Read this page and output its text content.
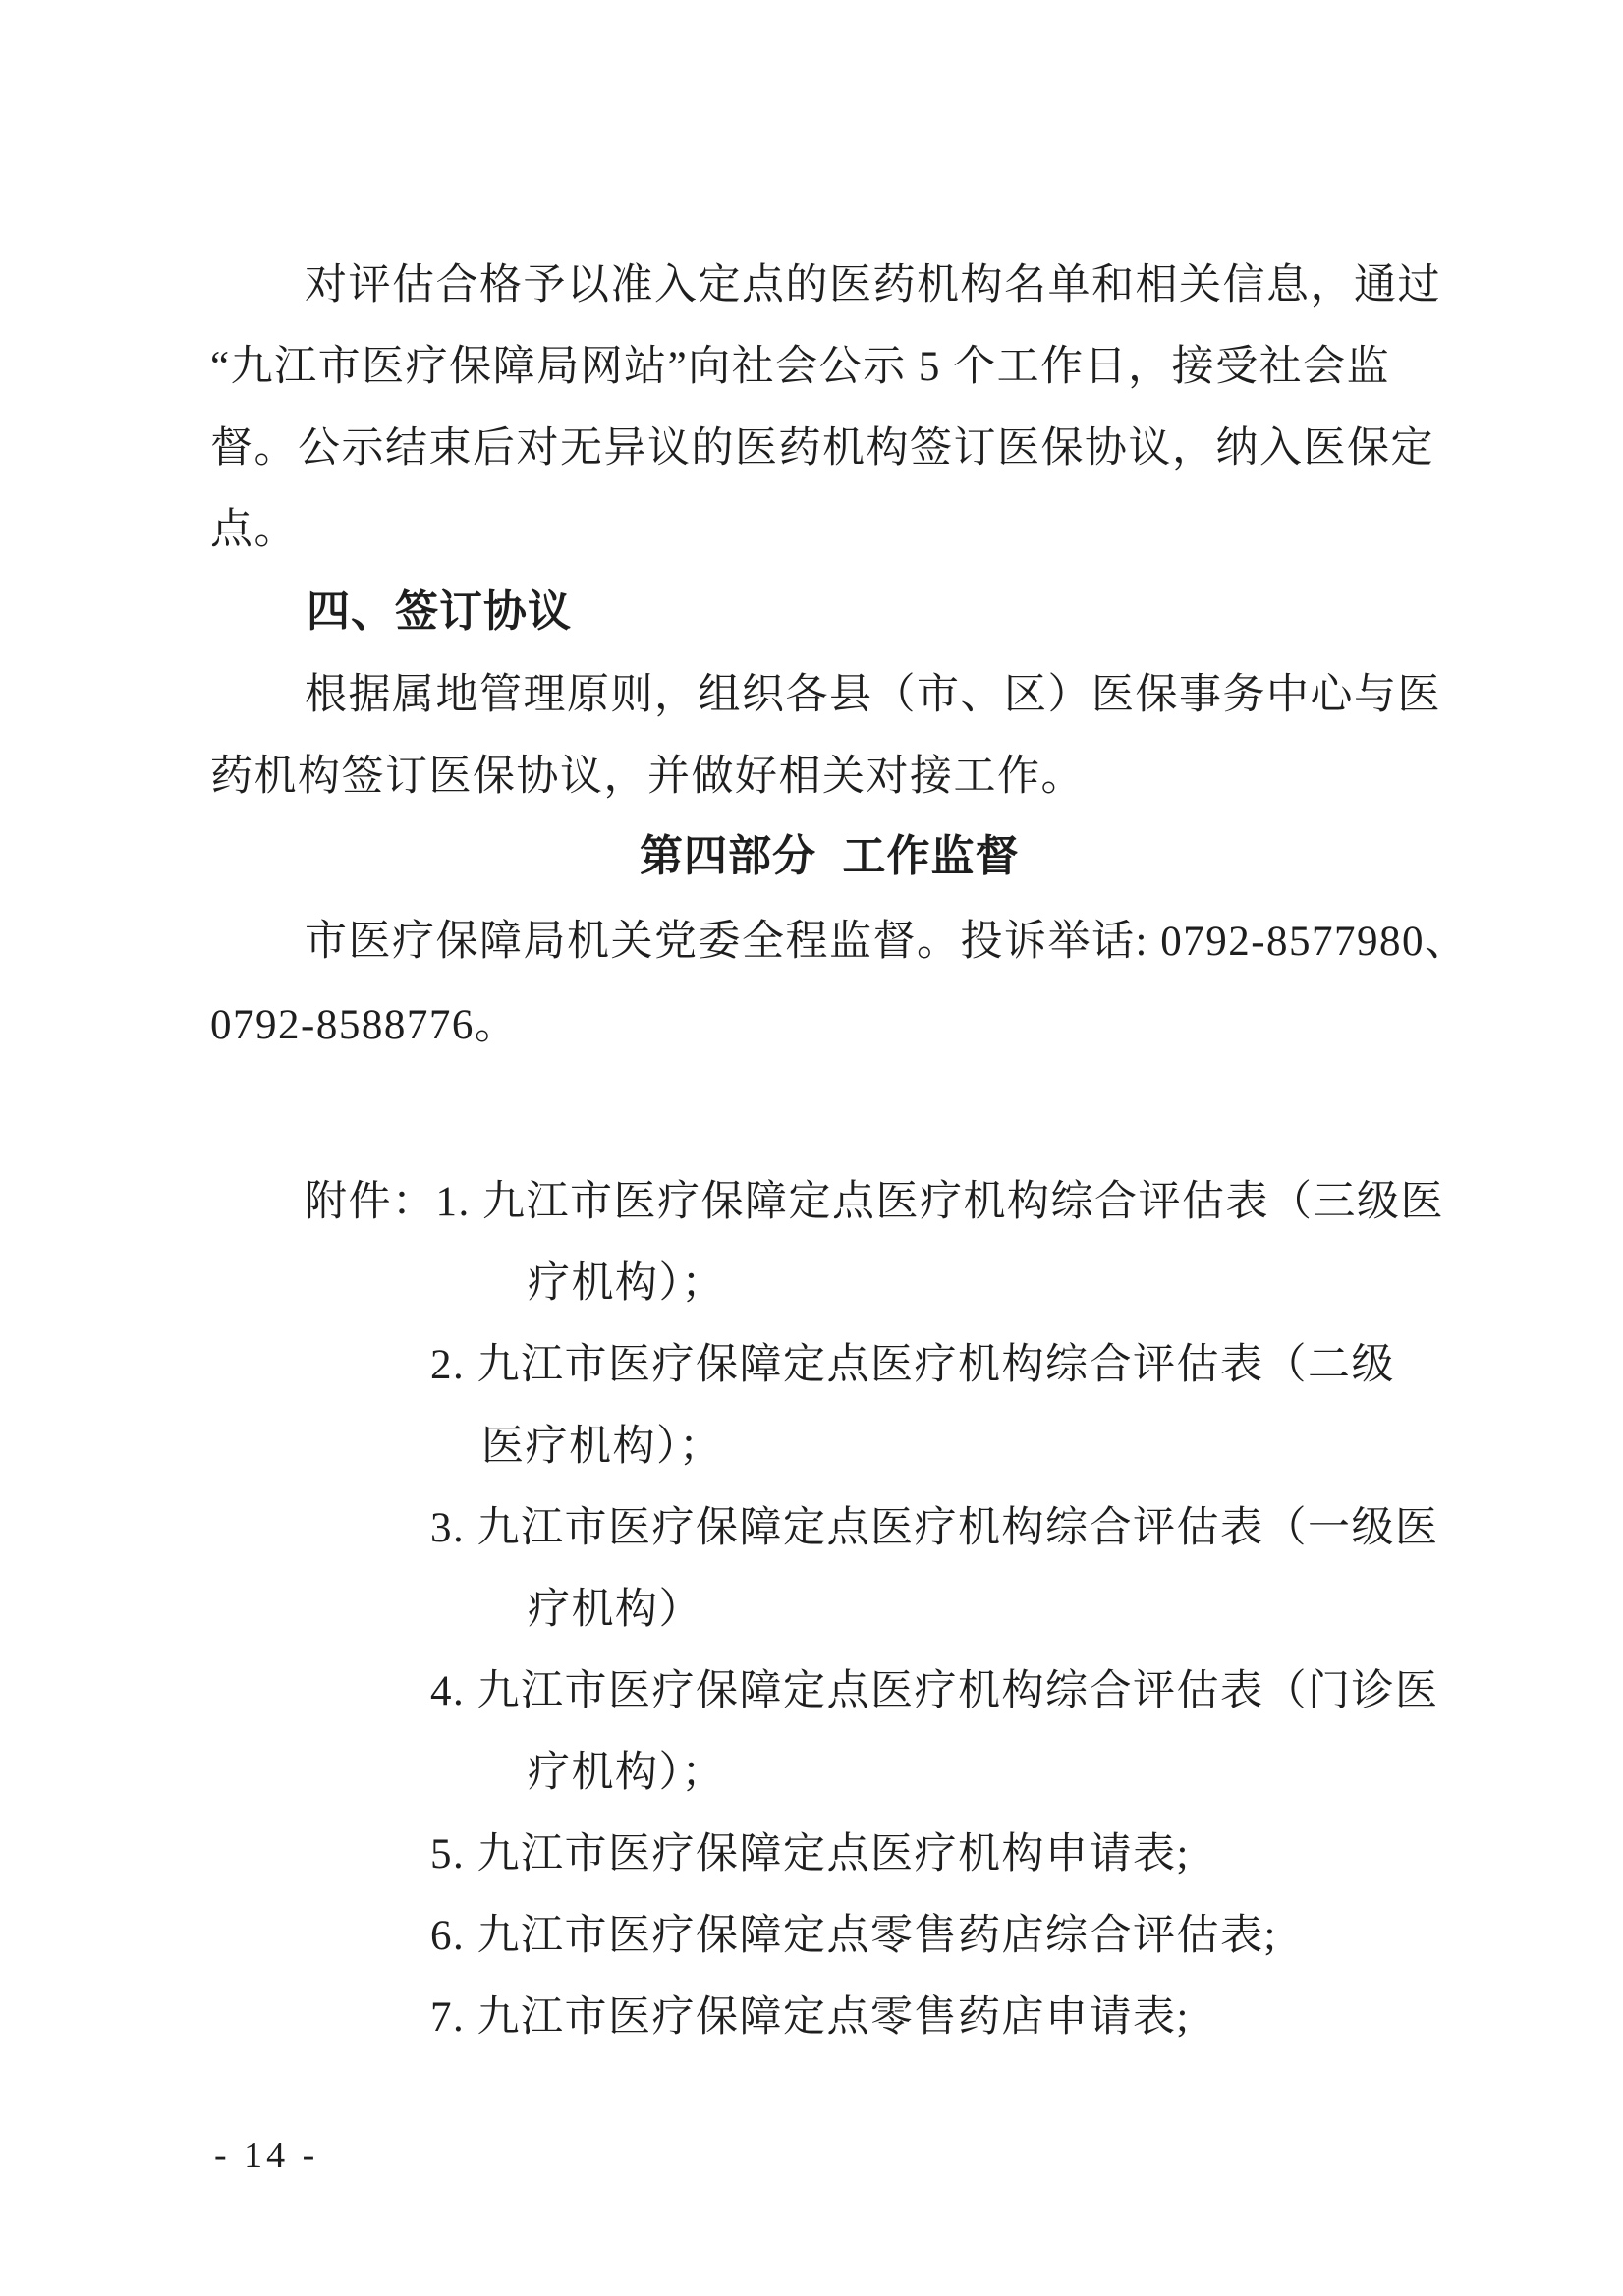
对评估合格予以准入定点的医药机构名单和相关信息，通过
“九江市医疗保障局网站”向社会公示 5 个工作日，接受社会监
督。公示结束后对无异议的医药机构签订医保协议，纳入医保定
点。
四、签订协议
根据属地管理原则，组织各县（市、区）医保事务中心与医
药机构签订医保协议，并做好相关对接工作。
第四部分  工作监督
市医疗保障局机关党委全程监督。投诉举话: 0792-8577980、
0792-8588776。
附件：1. 九江市医疗保障定点医疗机构综合评估表（三级医
疗机构）；
2. 九江市医疗保障定点医疗机构综合评估表（二级
医疗机构）；
3. 九江市医疗保障定点医疗机构综合评估表（一级医
疗机构）
4. 九江市医疗保障定点医疗机构综合评估表（门诊医
疗机构）；
5. 九江市医疗保障定点医疗机构申请表;
6. 九江市医疗保障定点零售药店综合评估表;
7. 九江市医疗保障定点零售药店申请表;
- 14 -
